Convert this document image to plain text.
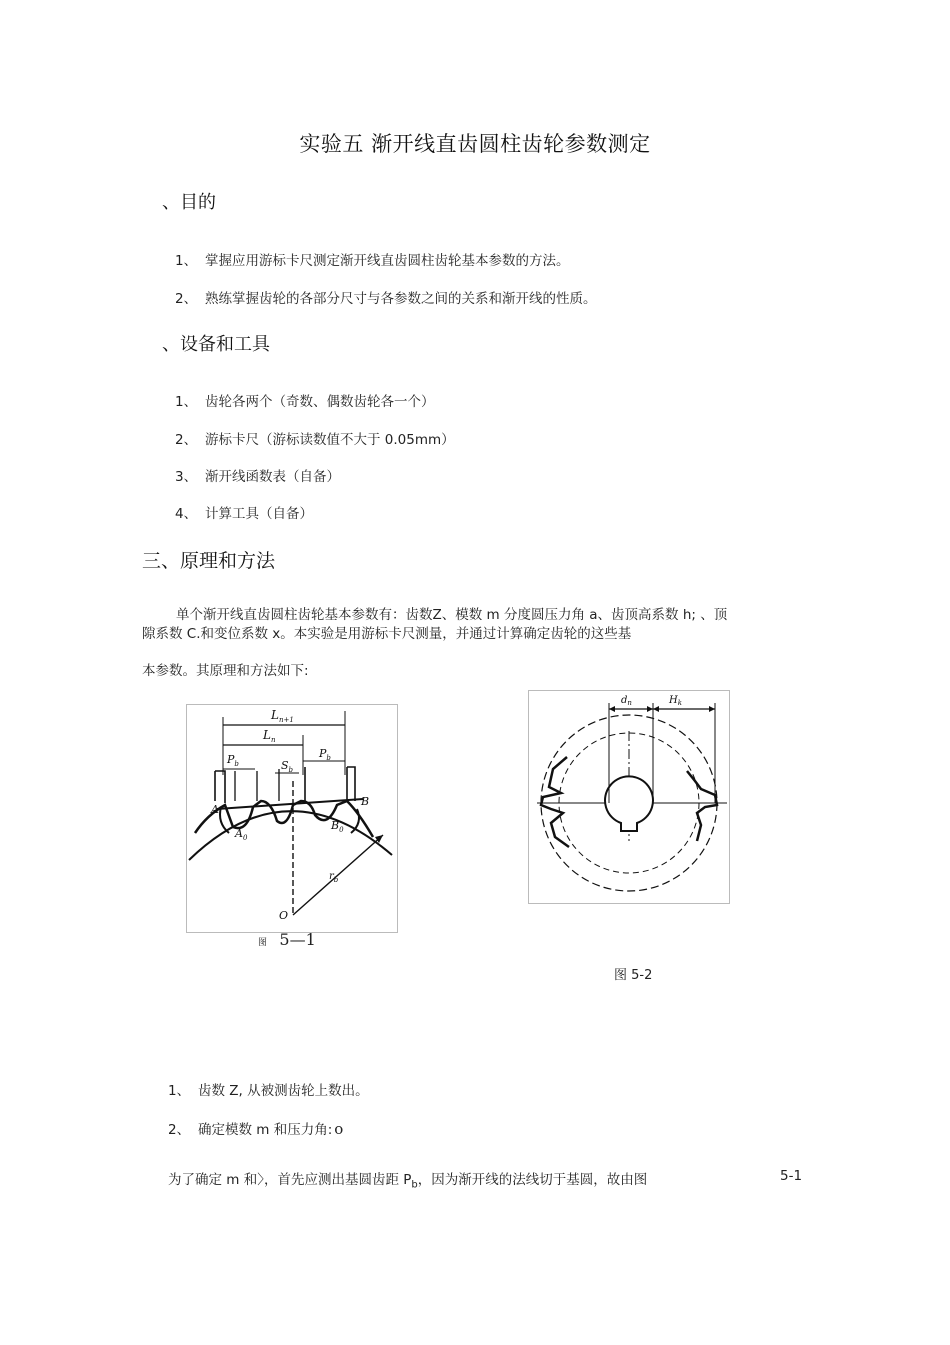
实验五 渐开线直齿圆柱齿轮参数测定
、目的
1、 掌握应用游标卡尺测定渐开线直齿圆柱齿轮基本参数的方法。
2、 熟练掌握齿轮的各部分尺寸与各参数之间的关系和渐开线的性质。
、设备和工具
1、 齿轮各两个（奇数、偶数齿轮各一个）
2、 游标卡尺（游标读数值不大于 0.05mm）
3、 渐开线函数表（自备）
4、 计算工具（自备）
三、原理和方法
单个渐开线直齿圆柱齿轮基本参数有：齿数Z、模数 m 分度圆压力角 a、齿顶高系数 h; 、顶
隙系数 C.和变位系数 x。本实验是用游标卡尺测量，并通过计算确定齿轮的这些基
本参数。其原理和方法如下:
$L_{n+1}$
$L_n$
$P_b$
$P_b$
$S_b$
A
$A_0$
B
$B_0$
$r_b$
O
图 5—1
$d_n$	$H_k$
图 5-2
1、 齿数 Z, 从被测齿轮上数出。
2、 确定模数 m 和压力角: o
为了确定 m 和〉，首先应测出基圆齿距 $P_b$，因为渐开线的法线切于基圆，故由图	5-1
